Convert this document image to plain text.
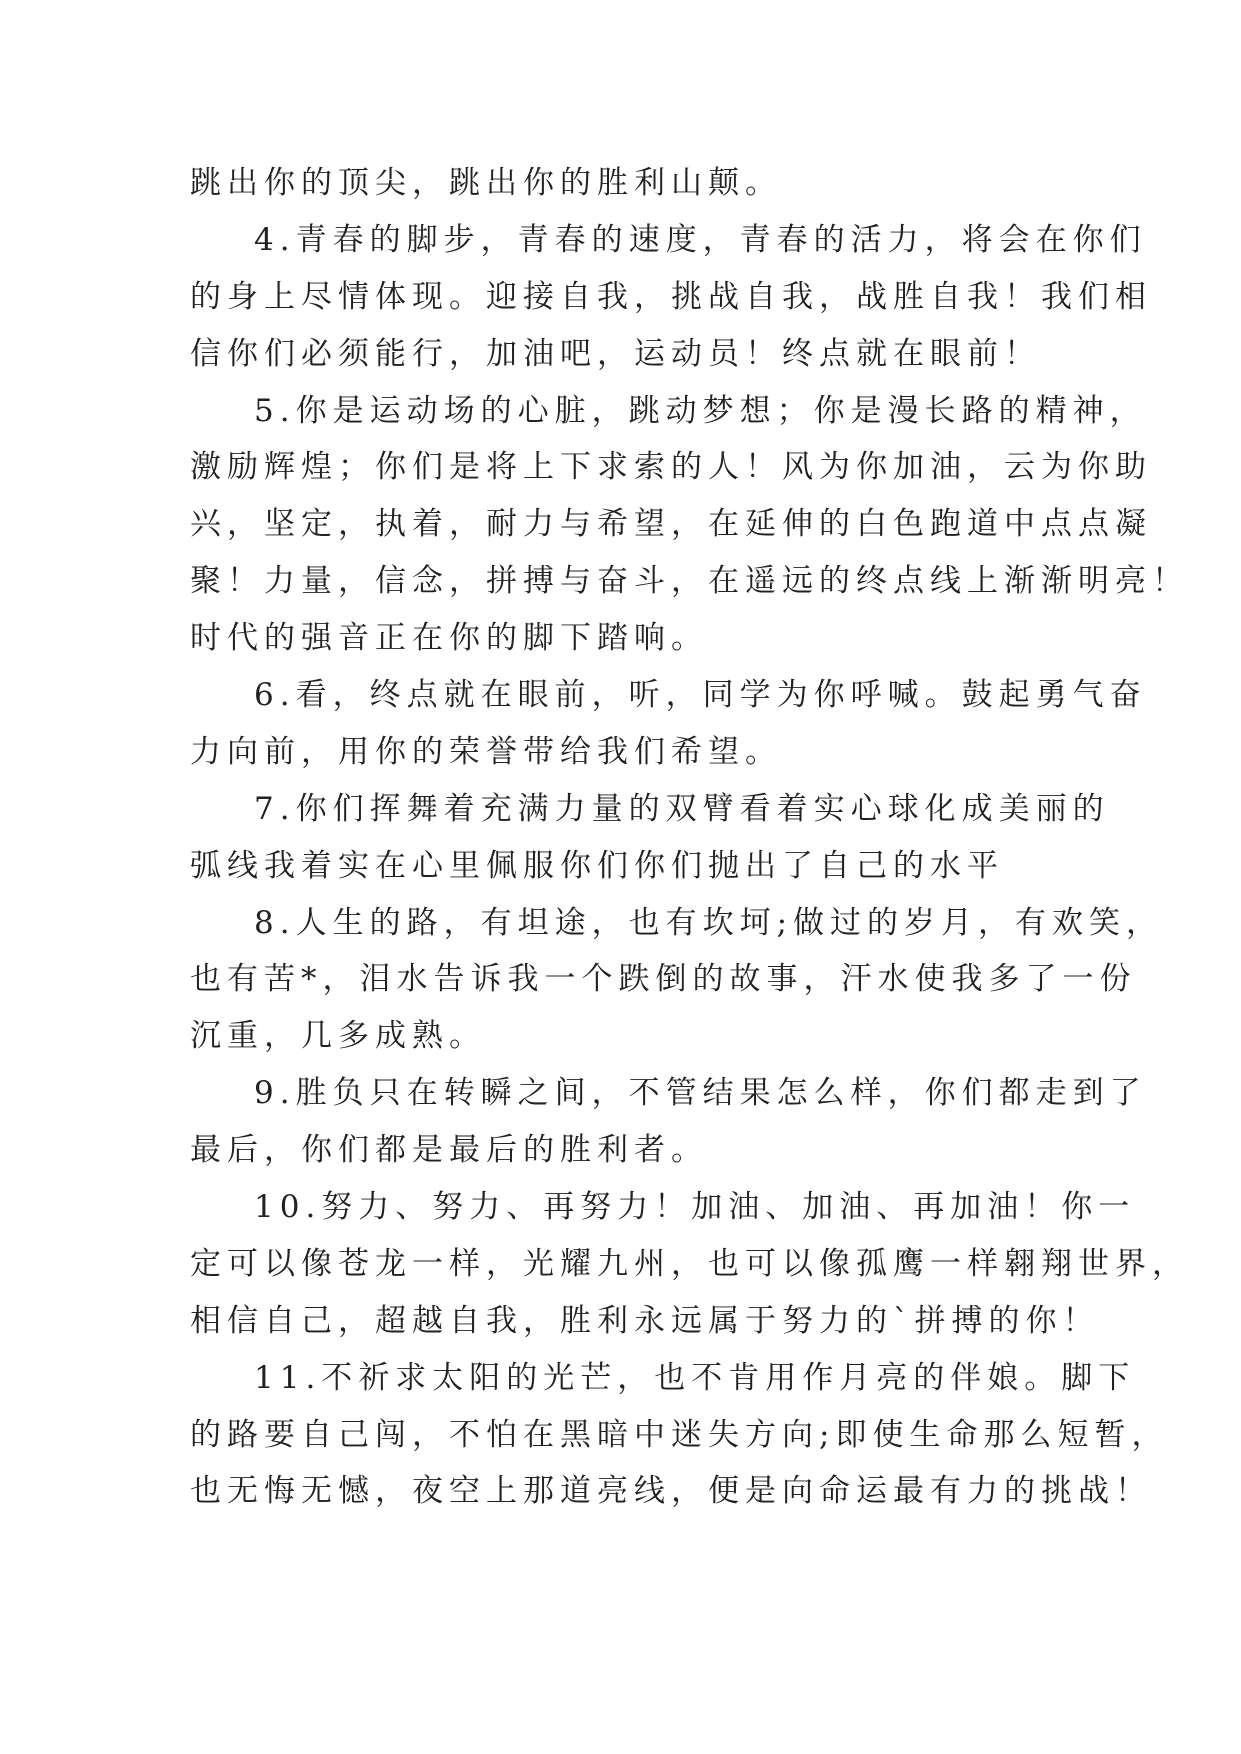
跳出你的顶尖，跳出你的胜利山颠。
4.青春的脚步，青春的速度，青春的活力，将会在你们
的身上尽情体现。迎接自我，挑战自我，战胜自我！我们相
信你们必须能行，加油吧，运动员！终点就在眼前！
5.你是运动场的心脏，跳动梦想；你是漫长路的精神，
激励辉煌；你们是将上下求索的人！风为你加油，云为你助
兴，坚定，执着，耐力与希望，在延伸的白色跑道中点点凝
聚！力量，信念，拼搏与奋斗，在遥远的终点线上渐渐明亮！
时代的强音正在你的脚下踏响。
6.看，终点就在眼前，听，同学为你呼喊。鼓起勇气奋
力向前，用你的荣誉带给我们希望。
7.你们挥舞着充满力量的双臂看着实心球化成美丽的
弧线我着实在心里佩服你们你们抛出了自己的水平
8.人生的路，有坦途，也有坎坷;做过的岁月，有欢笑，
也有苦*，泪水告诉我一个跌倒的故事，汗水使我多了一份
沉重，几多成熟。
9.胜负只在转瞬之间，不管结果怎么样，你们都走到了
最后，你们都是最后的胜利者。
10.努力、努力、再努力！加油、加油、再加油！你一
定可以像苍龙一样，光耀九州，也可以像孤鹰一样翱翔世界，
相信自己，超越自我，胜利永远属于努力的`拼搏的你！
11.不祈求太阳的光芒，也不肯用作月亮的伴娘。脚下
的路要自己闯，不怕在黑暗中迷失方向;即使生命那么短暂，
也无悔无憾，夜空上那道亮线，便是向命运最有力的挑战！
